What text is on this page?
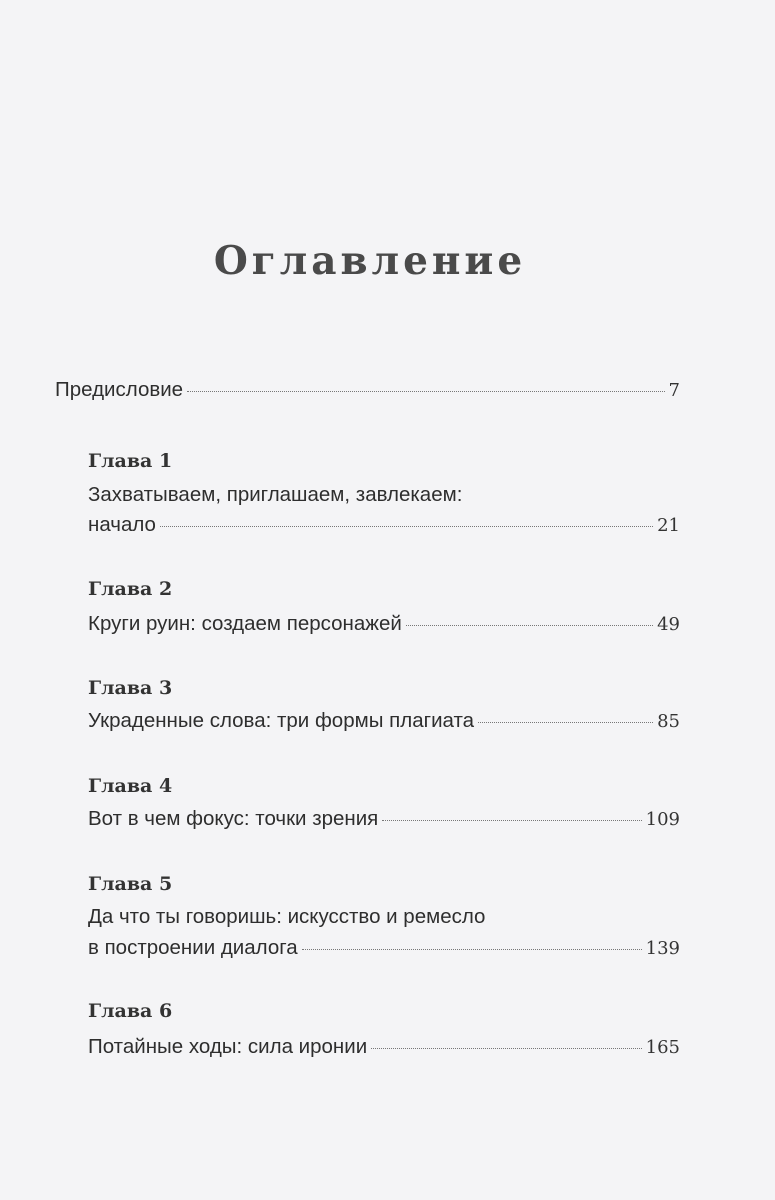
Оглавление
Предисловие	7
Глава 1
Захватываем, приглашаем, завлекаем:
начало	21
Глава 2
Круги руин: создаем персонажей	49
Глава 3
Украденные слова: три формы плагиата	85
Глава 4
Вот в чем фокус: точки зрения	109
Глава 5
Да что ты говоришь: искусство и ремесло
в построении диалога	139
Глава 6
Потайные ходы: сила иронии	165
